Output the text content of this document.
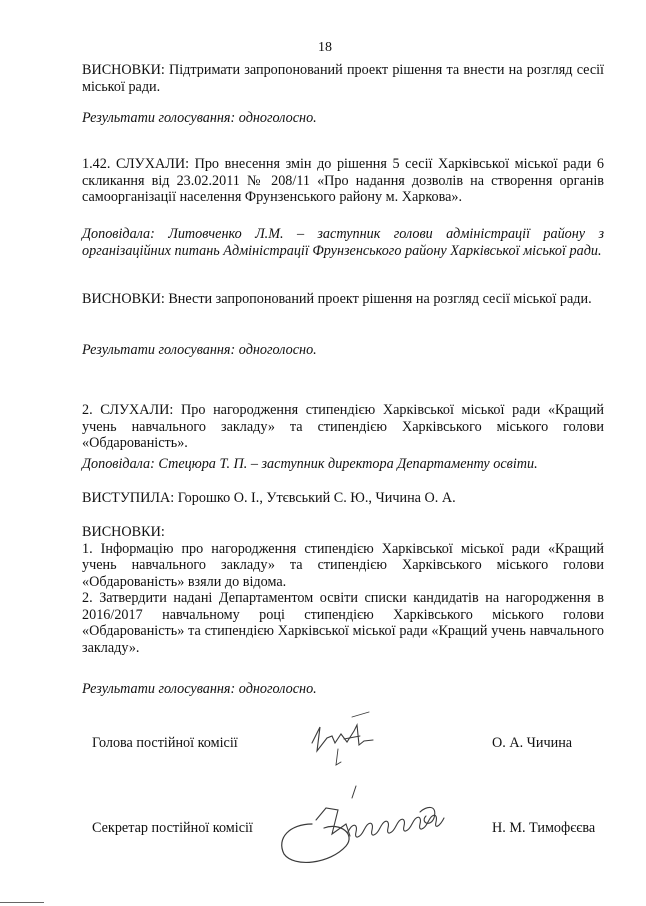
18

ВИСНОВКИ: Підтримати запропонований проект рішення та внести на розгляд сесії міської ради.

Результати голосування: одноголосно.

1.42. СЛУХАЛИ: Про внесення змін до рішення 5 сесії Харківської міської ради 6 скликання від 23.02.2011 № 208/11 «Про надання дозволів на створення органів самоорганізації населення Фрунзенського району м. Харкова».

Доповідала: Литовченко Л.М. – заступник голови адміністрації району з організаційних питань Адміністрації Фрунзенського району Харківської міської ради.

ВИСНОВКИ: Внести запропонований проект рішення на розгляд сесії міської ради.

Результати голосування: одноголосно.

2. СЛУХАЛИ: Про нагородження стипендією Харківської міської ради «Кращий учень навчального закладу» та стипендією Харківського міського голови «Обдарованість».

Доповідала: Стецюра Т. П. – заступник директора Департаменту освіти.

ВИСТУПИЛА: Горошко О. І., Утєвський С. Ю., Чичина О. А.

ВИСНОВКИ:

1. Інформацію про нагородження стипендією Харківської міської ради «Кращий учень навчального закладу» та стипендією Харківського міського голови «Обдарованість» взяли до відома.

2. Затвердити надані Департаментом освіти списки кандидатів на нагородження в 2016/2017 навчальному році стипендією Харківського міського голови «Обдарованість» та стипендією Харківської міської ради «Кращий учень навчального закладу».

Результати голосування: одноголосно.

Голова постійної комісії	О. А. Чичина
Секретар постійної комісії	Н. М. Тимофєєва
